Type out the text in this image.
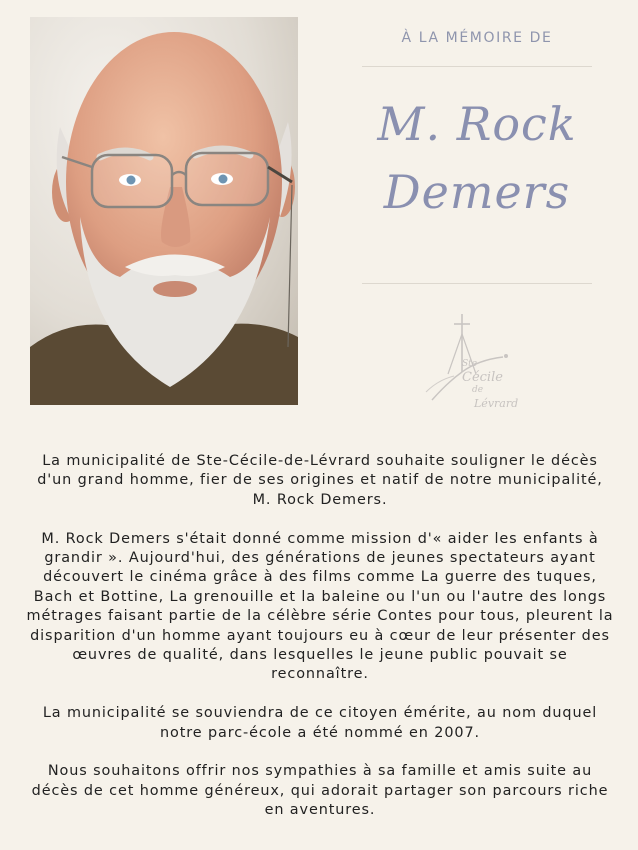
À LA MÉMOIRE DE
M. Rock
Demers
Ste
Cécile
de
Lévrard

La municipalité de Ste-Cécile-de-Lévrard souhaite souligner le décès d'un grand homme, fier de ses origines et natif de notre municipalité, M. Rock Demers.

M. Rock Demers s'était donné comme mission d'« aider les enfants à grandir ». Aujourd'hui, des générations de jeunes spectateurs ayant découvert le cinéma grâce à des films comme La guerre des tuques, Bach et Bottine, La grenouille et la baleine ou l'un ou l'autre des longs métrages faisant partie de la célèbre série Contes pour tous, pleurent la disparition d'un homme ayant toujours eu à cœur de leur présenter des œuvres de qualité, dans lesquelles le jeune public pouvait se reconnaître.

La municipalité se souviendra de ce citoyen émérite, au nom duquel notre parc-école a été nommé en 2007.

Nous souhaitons offrir nos sympathies à sa famille et amis suite au décès de cet homme généreux, qui adorait partager son parcours riche en aventures.
